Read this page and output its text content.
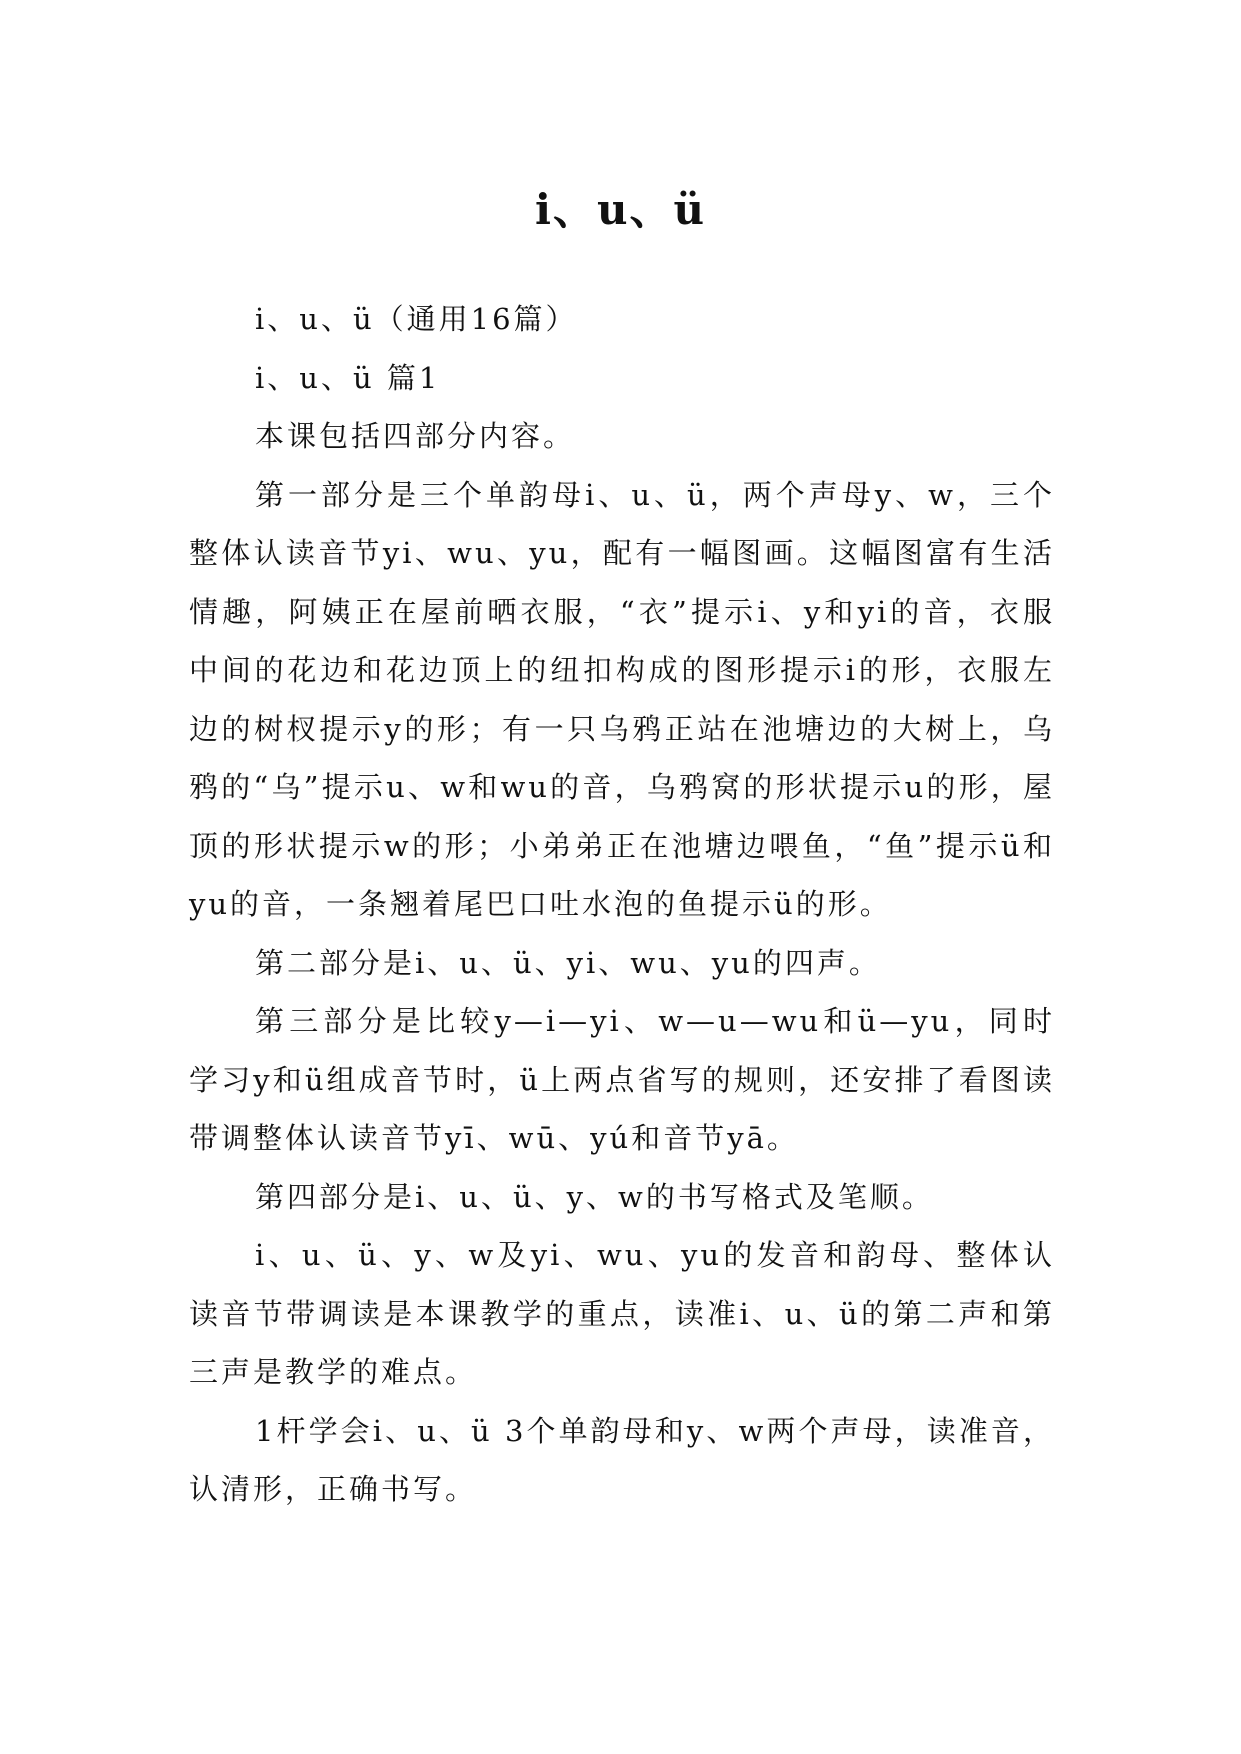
i、u、ü

i、u、ü（通用16篇）

i、u、ü 篇1

本课包括四部分内容。

第一部分是三个单韵母i、u、ü，两个声母y、w，三个整体认读音节yi、wu、yu，配有一幅图画。这幅图富有生活情趣，阿姨正在屋前晒衣服，“衣”提示i、y和yi的音，衣服中间的花边和花边顶上的纽扣构成的图形提示i的形，衣服左边的树杈提示y的形；有一只乌鸦正站在池塘边的大树上，乌鸦的“乌”提示u、w和wu的音，乌鸦窝的形状提示u的形，屋顶的形状提示w的形；小弟弟正在池塘边喂鱼，“鱼”提示ü和yu的音，一条翘着尾巴口吐水泡的鱼提示ü的形。

第二部分是i、u、ü、yi、wu、yu的四声。

第三部分是比较y—i—yi、w—u—wu和ü—yu，同时学习y和ü组成音节时，ü上两点省写的规则，还安排了看图读带调整体认读音节yī、wū、yú和音节yā。

第四部分是i、u、ü、y、w的书写格式及笔顺。

i、u、ü、y、w及yi、wu、yu的发音和韵母、整体认读音节带调读是本课教学的重点，读准i、u、ü的第二声和第三声是教学的难点。

1杆学会i、u、ü 3个单韵母和y、w两个声母，读准音，认清形，正确书写。
